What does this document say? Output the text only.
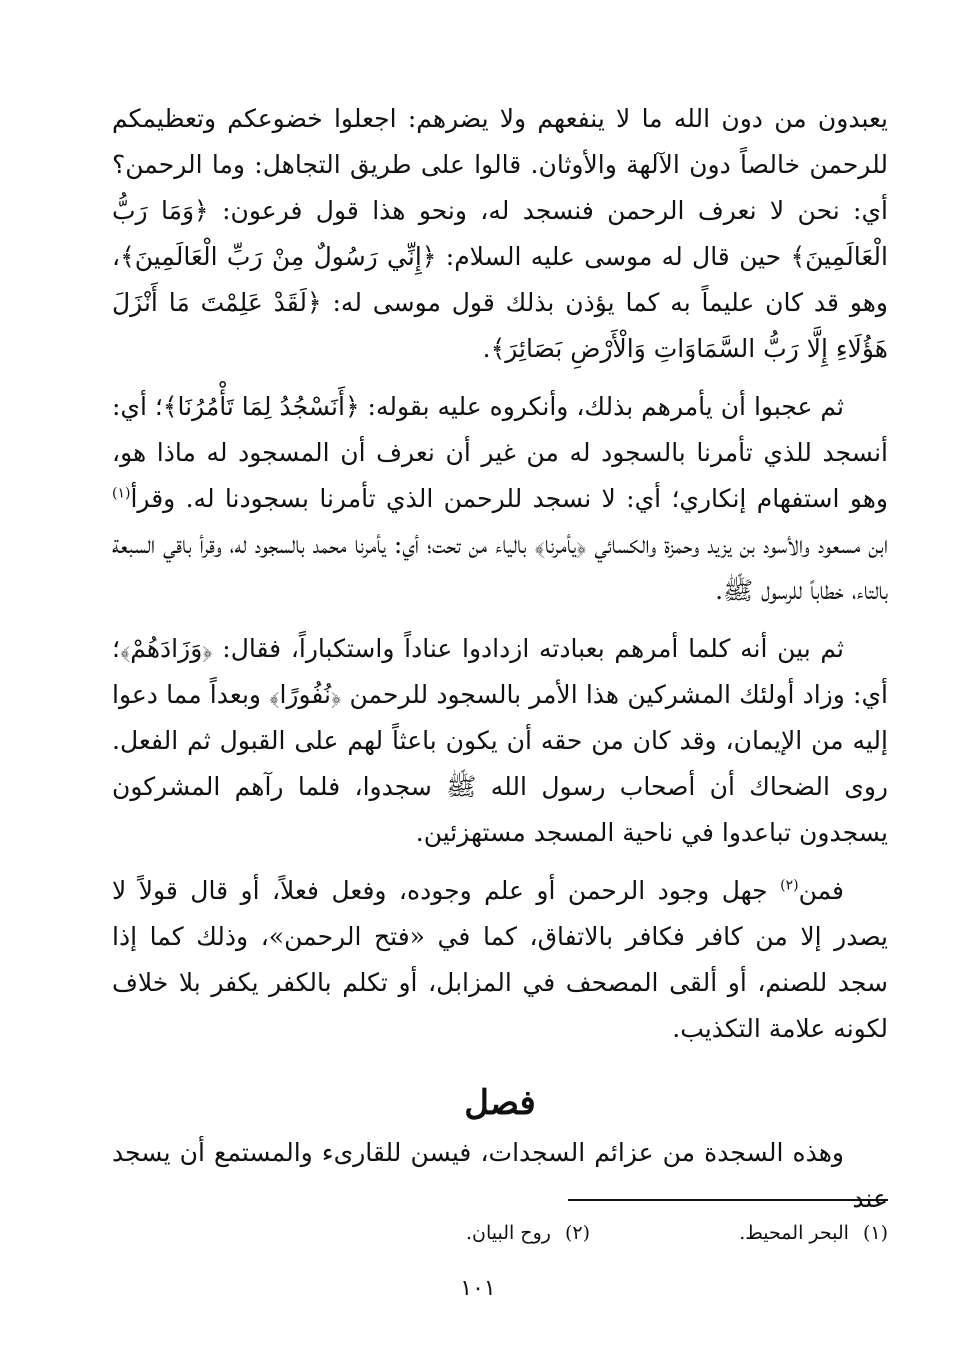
يعبدون من دون الله ما لا ينفعهم ولا يضرهم: اجعلوا خضوعكم وتعظيمكم للرحمن خالصاً دون الآلهة والأوثان. قالوا على طريق التجاهل: وما الرحمن؟ أي: نحن لا نعرف الرحمن فنسجد له، ونحو هذا قول فرعون: ﴿وَمَا رَبُّ الْعَالَمِينَ﴾ حين قال له موسى عليه السلام: ﴿إِنِّي رَسُولٌ مِنْ رَبِّ الْعَالَمِينَ﴾، وهو قد كان عليماً به كما يؤذن بذلك قول موسى له: ﴿لَقَدْ عَلِمْتَ مَا أَنْزَلَ هَؤُلَاءِ إِلَّا رَبُّ السَّمَاوَاتِ وَالْأَرْضِ بَصَائِرَ﴾.

ثم عجبوا أن يأمرهم بذلك، وأنكروه عليه بقوله: ﴿أَنَسْجُدُ لِمَا تَأْمُرُنَا﴾؛ أي: أنسجد للذي تأمرنا بالسجود له من غير أن نعرف أن المسجود له ماذا هو، وهو استفهام إنكاري؛ أي: لا نسجد للرحمن الذي تأمرنا بسجودنا له. وقرأ$^{(١)}$ ابن مسعود والأسود بن يزيد وحمزة والكسائي ﴿يأمرنا﴾ بالياء من تحت؛ أي: يأمرنا محمد بالسجود له، وقرأ باقي السبعة بالتاء، خطاباً للرسول ﷺ.

ثم بين أنه كلما أمرهم بعبادته ازدادوا عناداً واستكباراً، فقال: ﴿وَزَادَهُمْ﴾؛ أي: وزاد أولئك المشركين هذا الأمر بالسجود للرحمن ﴿نُفُورًا﴾ وبعداً مما دعوا إليه من الإيمان، وقد كان من حقه أن يكون باعثاً لهم على القبول ثم الفعل. روى الضحاك أن أصحاب رسول الله ﷺ سجدوا، فلما رآهم المشركون يسجدون تباعدوا في ناحية المسجد مستهزئين.

فمن$^{(٢)}$ جهل وجود الرحمن أو علم وجوده، وفعل فعلاً، أو قال قولاً لا يصدر إلا من كافر فكافر بالاتفاق، كما في «فتح الرحمن»، وذلك كما إذا سجد للصنم، أو ألقى المصحف في المزابل، أو تكلم بالكفر يكفر بلا خلاف لكونه علامة التكذيب.

فصل

وهذه السجدة من عزائم السجدات، فيسن للقارىء والمستمع أن يسجد عند

(١)البحر المحيط.
(٢)روح البيان.
١٠١
